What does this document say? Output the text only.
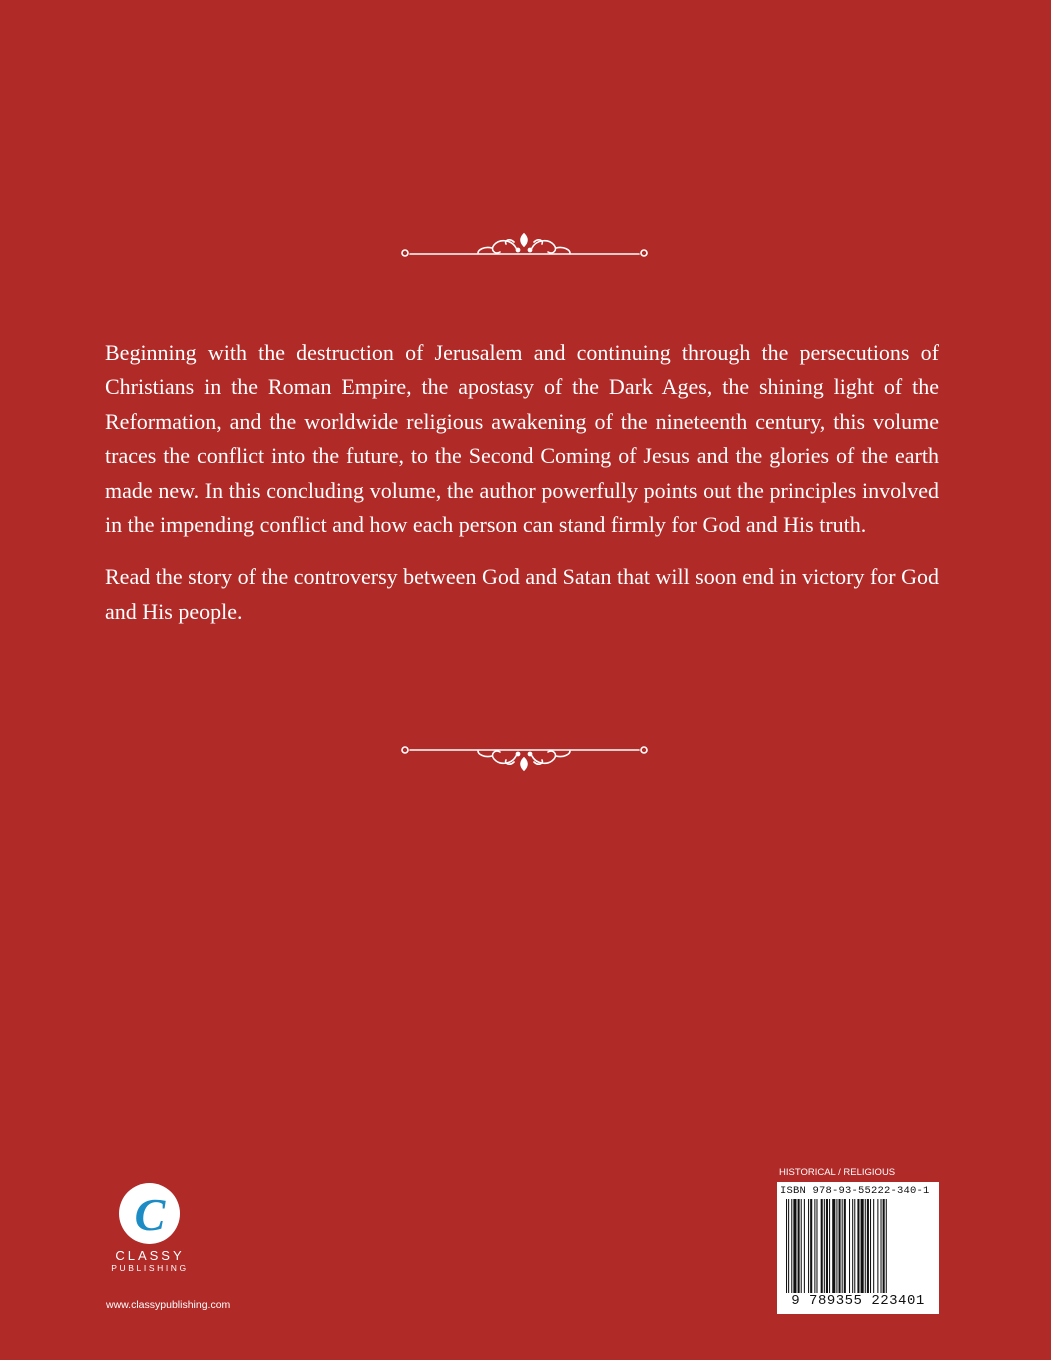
Beginning with the destruction of Jerusalem and continuing through the persecutions of Christians in the Roman Empire, the apostasy of the Dark Ages, the shining light of the Reformation, and the worldwide religious awakening of the nineteenth century, this volume traces the conflict into the future, to the Second Coming of Jesus and the glories of the earth made new. In this concluding volume, the author powerfully points out the principles involved in the impending conflict and how each person can stand firmly for God and His truth.

Read the story of the controversy between God and Satan that will soon end in victory for God and His people.

C
CLASSY
PUBLISHING
www.classypublishing.com
HISTORICAL / RELIGIOUS
ISBN 978-93-55222-340-1
9 789355 223401
